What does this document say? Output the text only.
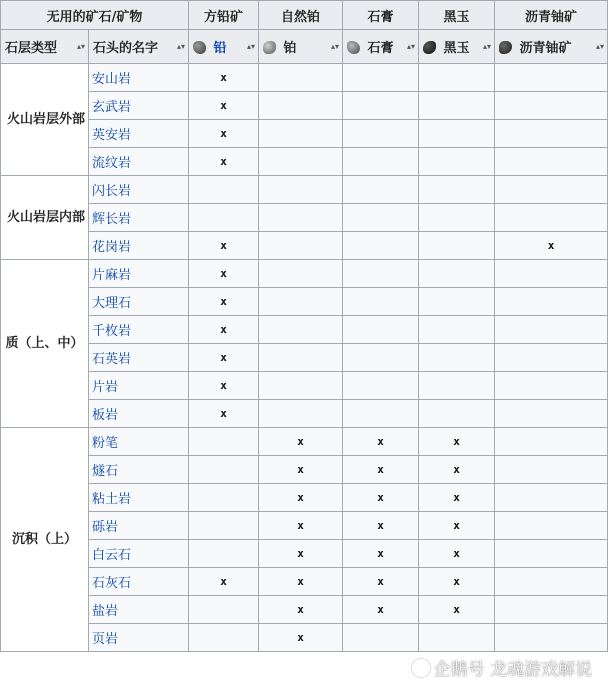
无用的矿石/矿物		方铅矿	自然铂	石膏	黑玉	沥青铀矿
石层类型 ▴▾	石头的名字 ▴▾	铅 ▴▾	铂 ▴▾	石膏 ▴▾	黑玉 ▴▾	沥青铀矿 ▴▾

火山岩层外部	安山岩	x				
	玄武岩	x				
	英安岩	x				
	流纹岩	x				
火山岩层内部	闪长岩					
	辉长岩					
	花岗岩	x				x
质（上、中）	片麻岩	x				
	大理石	x				
	千枚岩	x				
	石英岩	x				
	片岩	x				
	板岩	x				
沉积（上）	粉笔		x	x	x	
	燧石		x	x	x	
	粘土岩		x	x	x	
	砾岩		x	x	x	
	白云石		x	x	x	
	石灰石	x	x	x	x	
	盐岩		x	x	x	
	页岩		x			
企鹅号 龙魂游戏解说
